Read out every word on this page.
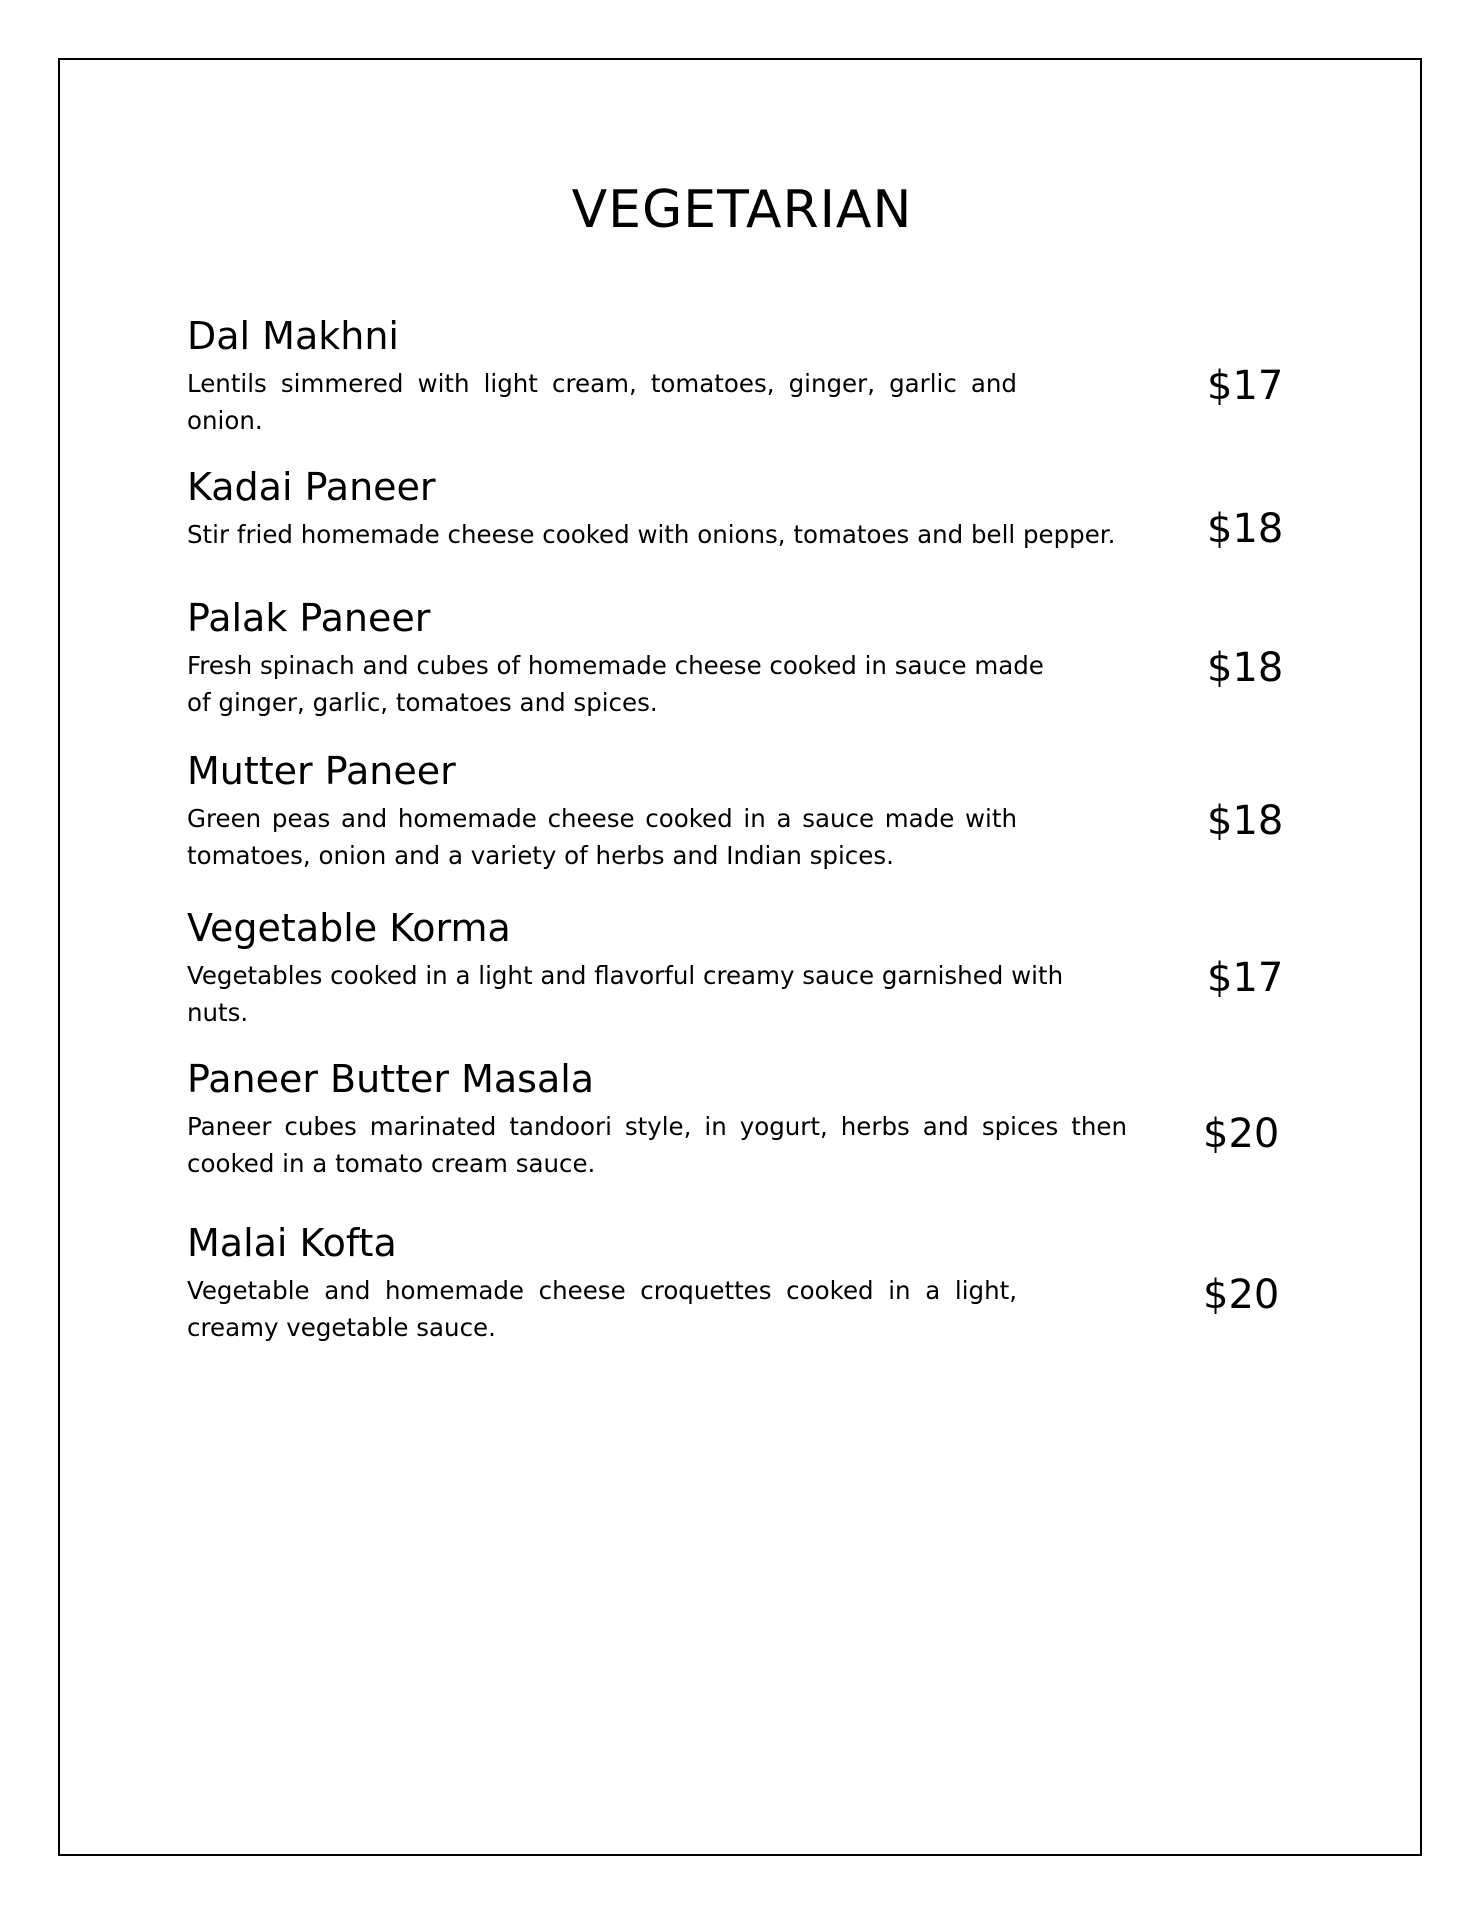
VEGETARIAN
Dal Makhni
Lentils simmered with light cream, tomatoes, ginger, garlic and onion.
$17
Kadai Paneer
Stir fried homemade cheese cooked with onions, tomatoes and bell pepper.	$18
Palak Paneer
Fresh spinach and cubes of homemade cheese cooked in sauce made of ginger, garlic, tomatoes and spices.
$18
Mutter Paneer
Green peas and homemade cheese cooked in a sauce made with tomatoes, onion and a variety of herbs and Indian spices.
$18
Vegetable Korma
Vegetables cooked in a light and flavorful creamy sauce garnished with nuts.
$17
Paneer Butter Masala
Paneer cubes marinated tandoori style, in yogurt, herbs and spices then cooked in a tomato cream sauce.
$20
Malai Kofta
Vegetable and homemade cheese croquettes cooked in a light, creamy vegetable sauce.
$20
